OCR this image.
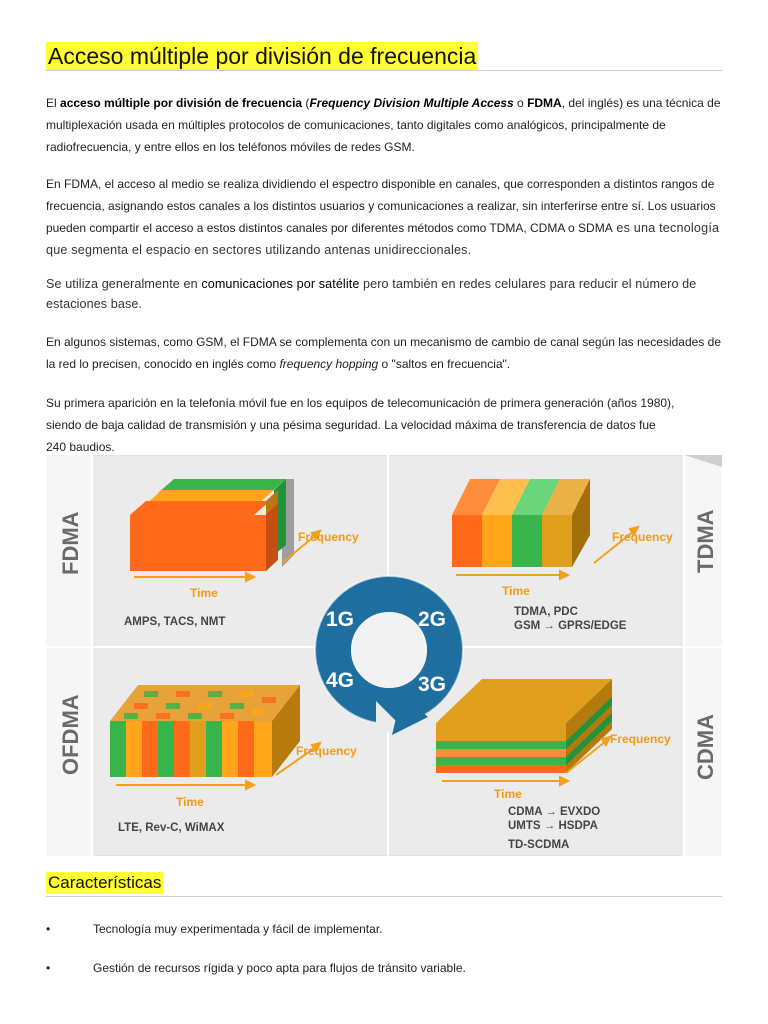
Acceso múltiple por división de frecuencia

El acceso múltiple por división de frecuencia (Frequency Division Multiple Access o FDMA, del inglés) es una técnica de multiplexación usada en múltiples protocolos de comunicaciones, tanto digitales como analógicos, principalmente de radiofrecuencia, y entre ellos en los teléfonos móviles de redes GSM.

En FDMA, el acceso al medio se realiza dividiendo el espectro disponible en canales, que corresponden a distintos rangos de frecuencia, asignando estos canales a los distintos usuarios y comunicaciones a realizar, sin interferirse entre sí. Los usuarios pueden compartir el acceso a estos distintos canales por diferentes métodos como TDMA, CDMA o SDMA es una tecnología que segmenta el espacio en sectores utilizando antenas unidireccionales.

Se utiliza generalmente en comunicaciones por satélite pero también en redes celulares para reducir el número de estaciones base.

En algunos sistemas, como GSM, el FDMA se complementa con un mecanismo de cambio de canal según las necesidades de la red lo precisen, conocido en inglés como frequency hopping o "saltos en frecuencia".

Su primera aparición en la telefonía móvil fue en los equipos de telecomunicación de primera generación (años 1980),
siendo de baja calidad de transmisión y una pésima seguridad. La velocidad máxima de transferencia de datos fue
240 baudios.

FDMA
OFDMA
TDMA
CDMA
Frequency
Time
AMPS, TACS, NMT
Frequency
Time
TDMA, PDC
GSM → GPRS/EDGE
Frequency
Time
LTE, Rev-C, WiMAX
Frequency
Time
CDMA → EVXDO
UMTS → HSDPA
TD-SCDMA
1G	2G
4G	3G
Características
•	Tecnología muy experimentada y fácil de implementar.
•	Gestión de recursos rígida y poco apta para flujos de tránsito variable.
